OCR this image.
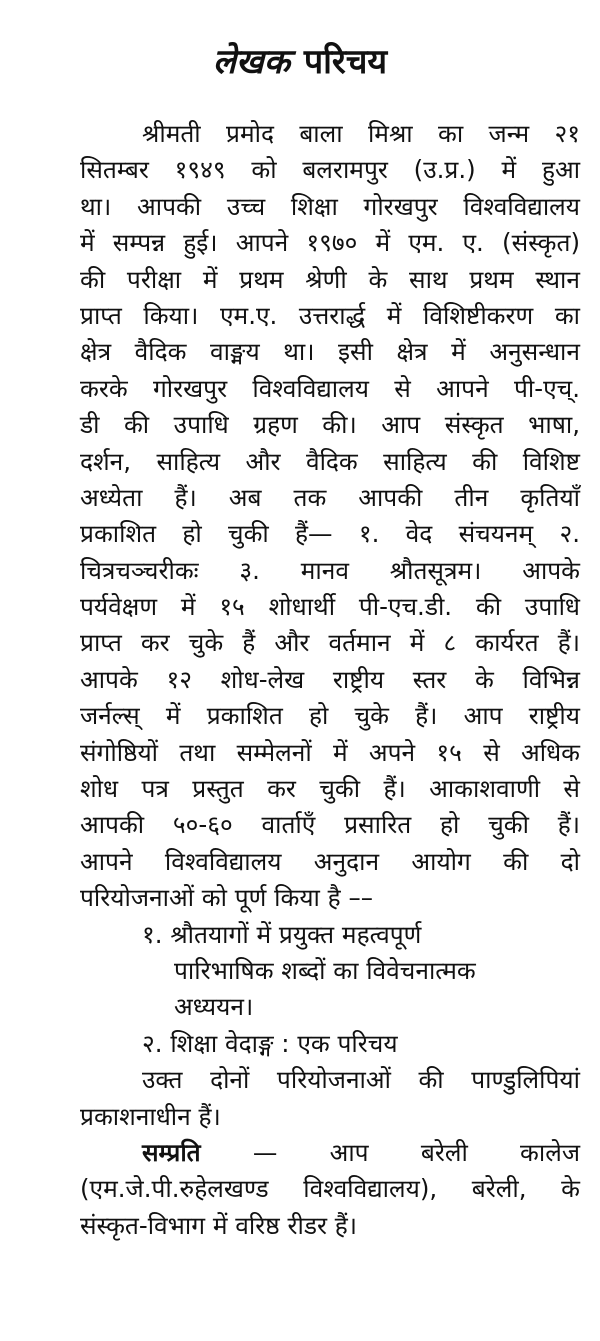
लेखक परिचय
श्रीमती प्रमोद बाला मिश्रा का जन्म २१
सितम्बर १९४९ को बलरामपुर (उ.प्र.) में हुआ
था। आपकी उच्च शिक्षा गोरखपुर विश्वविद्यालय
में सम्पन्न हुई। आपने १९७० में एम. ए. (संस्कृत)
की परीक्षा में प्रथम श्रेणी के साथ प्रथम स्थान
प्राप्त किया। एम.ए. उत्तरार्द्ध में विशिष्टीकरण का
क्षेत्र वैदिक वाङ्मय था। इसी क्षेत्र में अनुसन्धान
करके गोरखपुर विश्वविद्यालय से आपने पी-एच्.
डी की उपाधि ग्रहण की। आप संस्कृत भाषा,
दर्शन, साहित्य और वैदिक साहित्य की विशिष्ट
अध्येता हैं। अब तक आपकी तीन कृतियाँ
प्रकाशित हो चुकी हैं— १. वेद संचयनम् २.
चित्रचञ्चरीकः ३. मानव श्रौतसूत्रम। आपके
पर्यवेक्षण में १५ शोधार्थी पी-एच.डी. की उपाधि
प्राप्त कर चुके हैं और वर्तमान में ८ कार्यरत हैं।
आपके १२ शोध-लेख राष्ट्रीय स्तर के विभिन्न
जर्नल्स् में प्रकाशित हो चुके हैं। आप राष्ट्रीय
संगोष्ठियों तथा सम्मेलनों में अपने १५ से अधिक
शोध पत्र प्रस्तुत कर चुकी हैं। आकाशवाणी से
आपकी ५०-६० वार्ताएँ प्रसारित हो चुकी हैं।
आपने विश्वविद्यालय अनुदान आयोग की दो
परियोजनाओं को पूर्ण किया है ––
१. श्रौतयागों में प्रयुक्त महत्वपूर्ण
पारिभाषिक शब्दों का विवेचनात्मक
अध्ययन।
२. शिक्षा वेदाङ्ग : एक परिचय
उक्त दोनों परियोजनाओं की पाण्डुलिपियां
प्रकाशनाधीन हैं।
सम्प्रति — आप बरेली कालेज
(एम.जे.पी.रुहेलखण्ड विश्वविद्यालय), बरेली, के
संस्कृत-विभाग में वरिष्ठ रीडर हैं।
